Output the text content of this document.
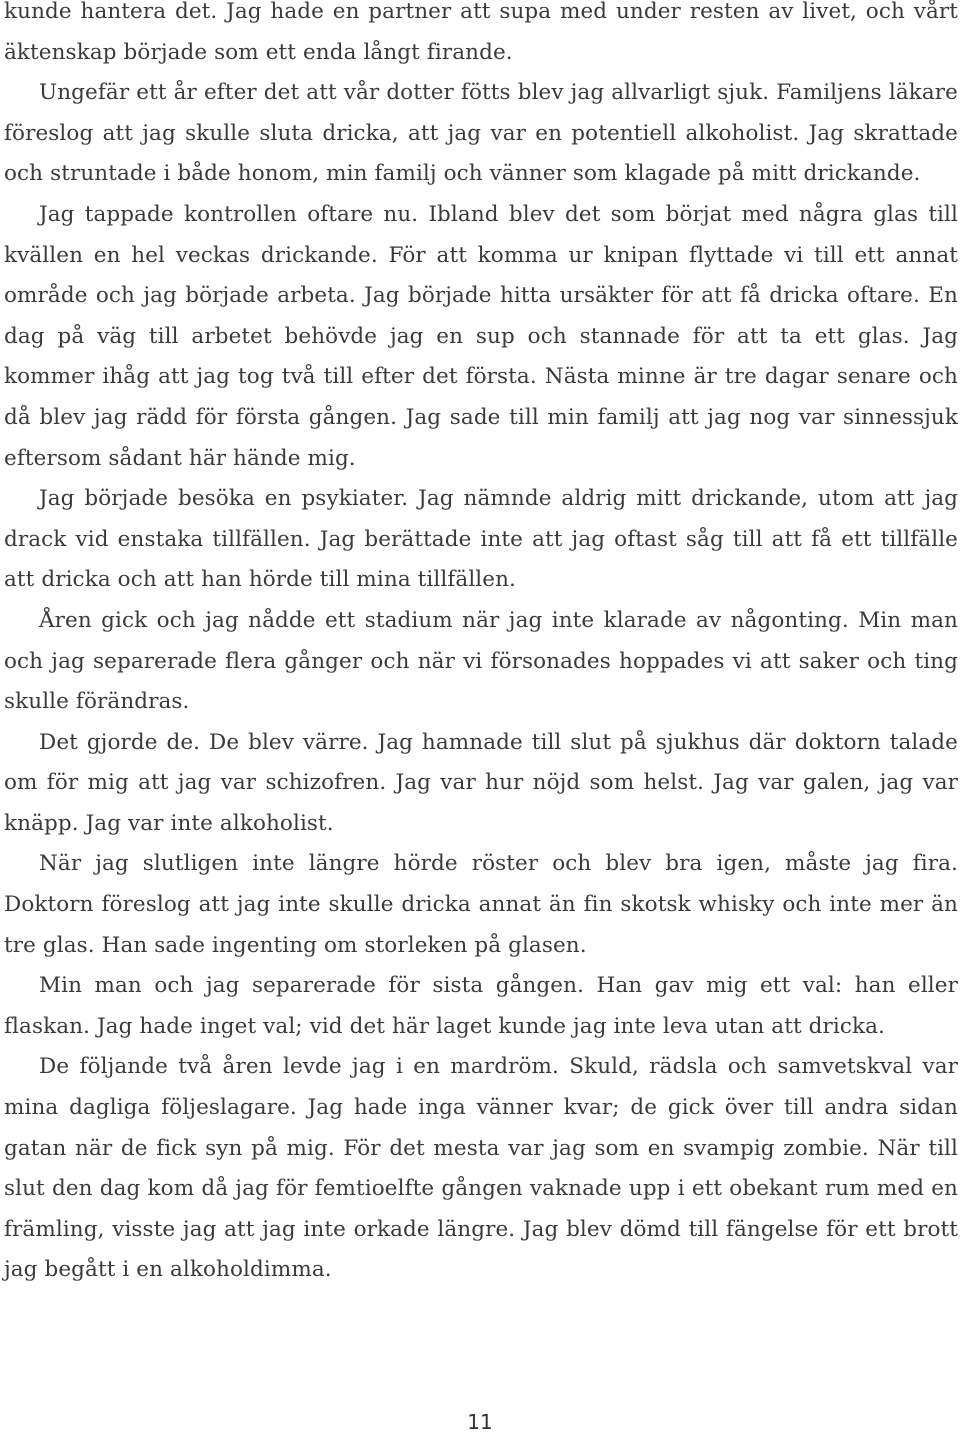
kunde hantera det. Jag hade en partner att supa med under resten av livet, och vårt äktenskap började som ett enda långt firande.

Ungefär ett år efter det att vår dotter fötts blev jag allvarligt sjuk. Familjens läkare föreslog att jag skulle sluta dricka, att jag var en potentiell alkoholist. Jag skrattade och struntade i både honom, min familj och vänner som klagade på mitt drickande.

Jag tappade kontrollen oftare nu. Ibland blev det som börjat med några glas till kvällen en hel veckas drickande. För att komma ur knipan flyttade vi till ett annat område och jag började arbeta. Jag började hitta ursäkter för att få dricka oftare. En dag på väg till arbetet behövde jag en sup och stannade för att ta ett glas. Jag kommer ihåg att jag tog två till efter det första. Nästa minne är tre dagar senare och då blev jag rädd för första gången. Jag sade till min familj att jag nog var sinnessjuk eftersom sådant här hände mig.

Jag började besöka en psykiater. Jag nämnde aldrig mitt drickande, utom att jag drack vid enstaka tillfällen. Jag berättade inte att jag oftast såg till att få ett tillfälle att dricka och att han hörde till mina tillfällen.

Åren gick och jag nådde ett stadium när jag inte klarade av någonting. Min man och jag separerade flera gånger och när vi försonades hoppades vi att saker och ting skulle förändras.

Det gjorde de. De blev värre. Jag hamnade till slut på sjukhus där doktorn talade om för mig att jag var schizofren. Jag var hur nöjd som helst. Jag var galen, jag var knäpp. Jag var inte alkoholist.

När jag slutligen inte längre hörde röster och blev bra igen, måste jag fira. Doktorn föreslog att jag inte skulle dricka annat än fin skotsk whisky och inte mer än tre glas. Han sade ingenting om storleken på glasen.

Min man och jag separerade för sista gången. Han gav mig ett val: han eller flaskan. Jag hade inget val; vid det här laget kunde jag inte leva utan att dricka.

De följande två åren levde jag i en mardröm. Skuld, rädsla och samvetskval var mina dagliga följeslagare. Jag hade inga vänner kvar; de gick över till andra sidan gatan när de fick syn på mig. För det mesta var jag som en svampig zombie. När till slut den dag kom då jag för femtioelfte gången vaknade upp i ett obekant rum med en främling, visste jag att jag inte orkade längre. Jag blev dömd till fängelse för ett brott jag begått i en alkoholdimma.

11
